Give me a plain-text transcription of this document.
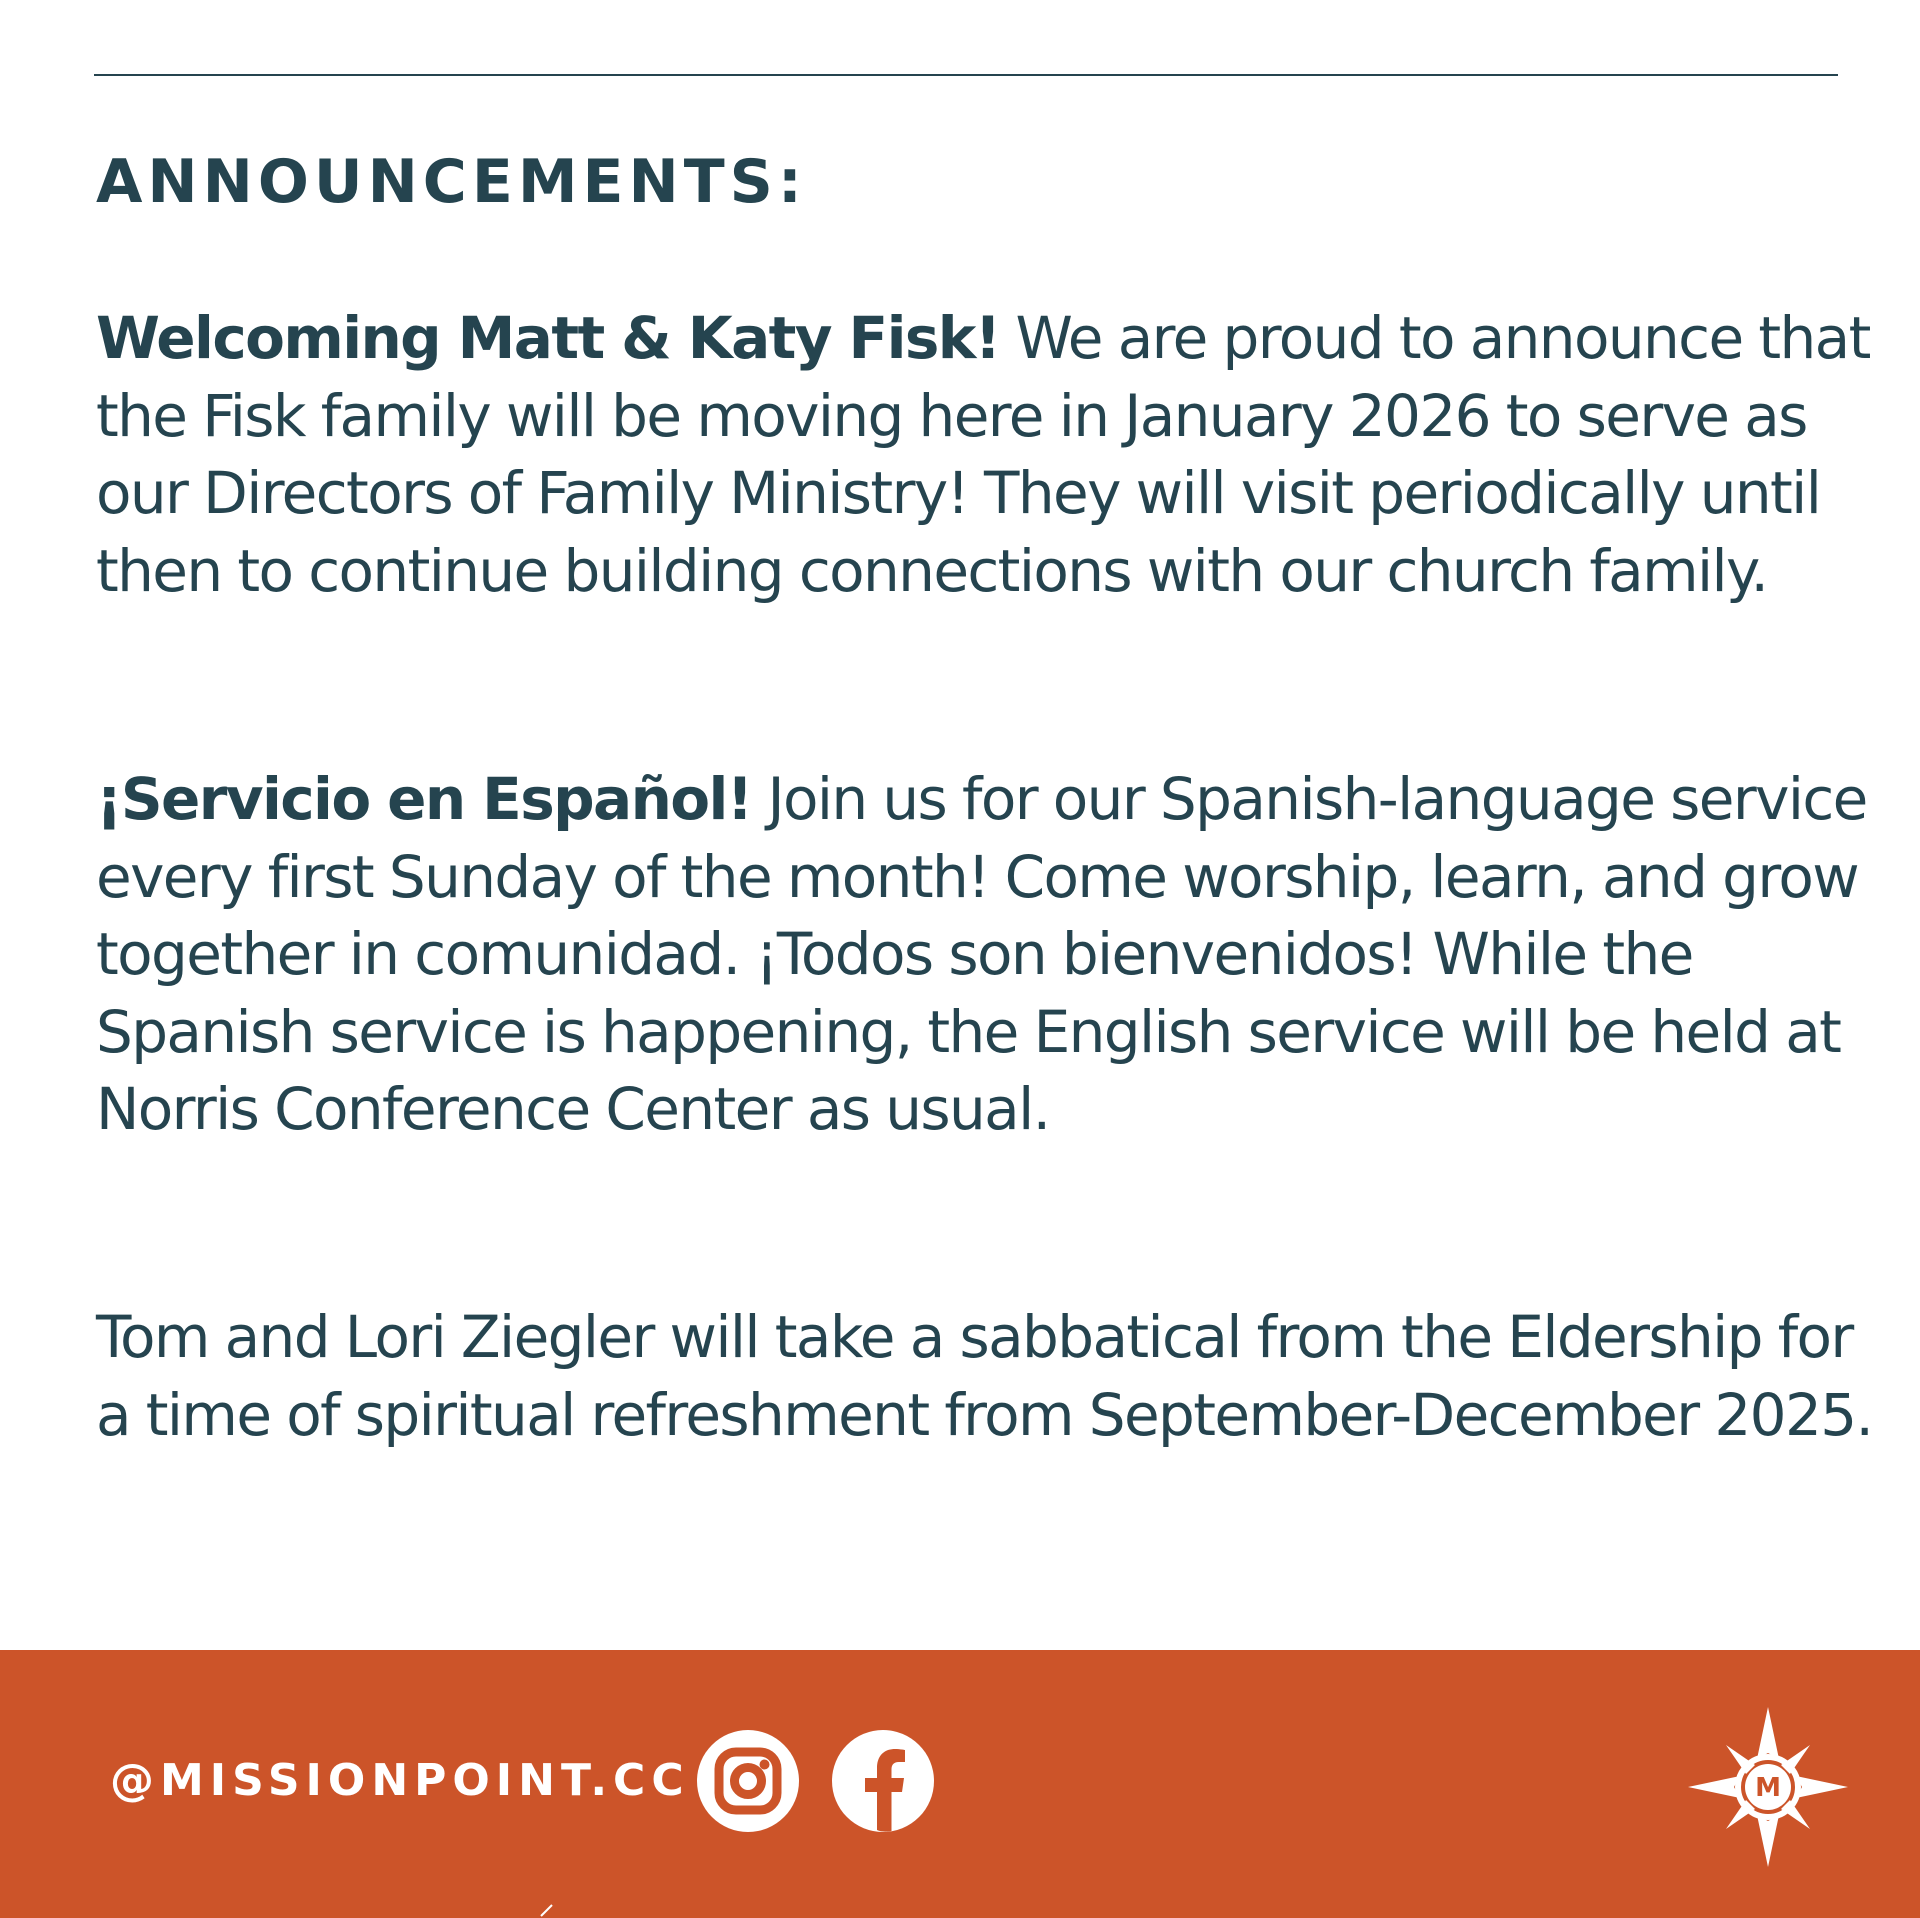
ANNOUNCEMENTS:

Welcoming Matt & Katy Fisk! We are proud to announce that the Fisk family will be moving here in January 2026 to serve as our Directors of Family Ministry! They will visit periodically until then to continue building connections with our church family.

¡Servicio en Español! Join us for our Spanish-language service every first Sunday of the month! Come worship, learn, and grow together in comunidad. ¡Todos son bienvenidos! While the Spanish service is happening, the English service will be held at Norris Conference Center as usual.

Tom and Lori Ziegler will take a sabbatical from the Eldership for a time of spiritual refreshment from September-December 2025.

@MISSIONPOINT.CC	M
